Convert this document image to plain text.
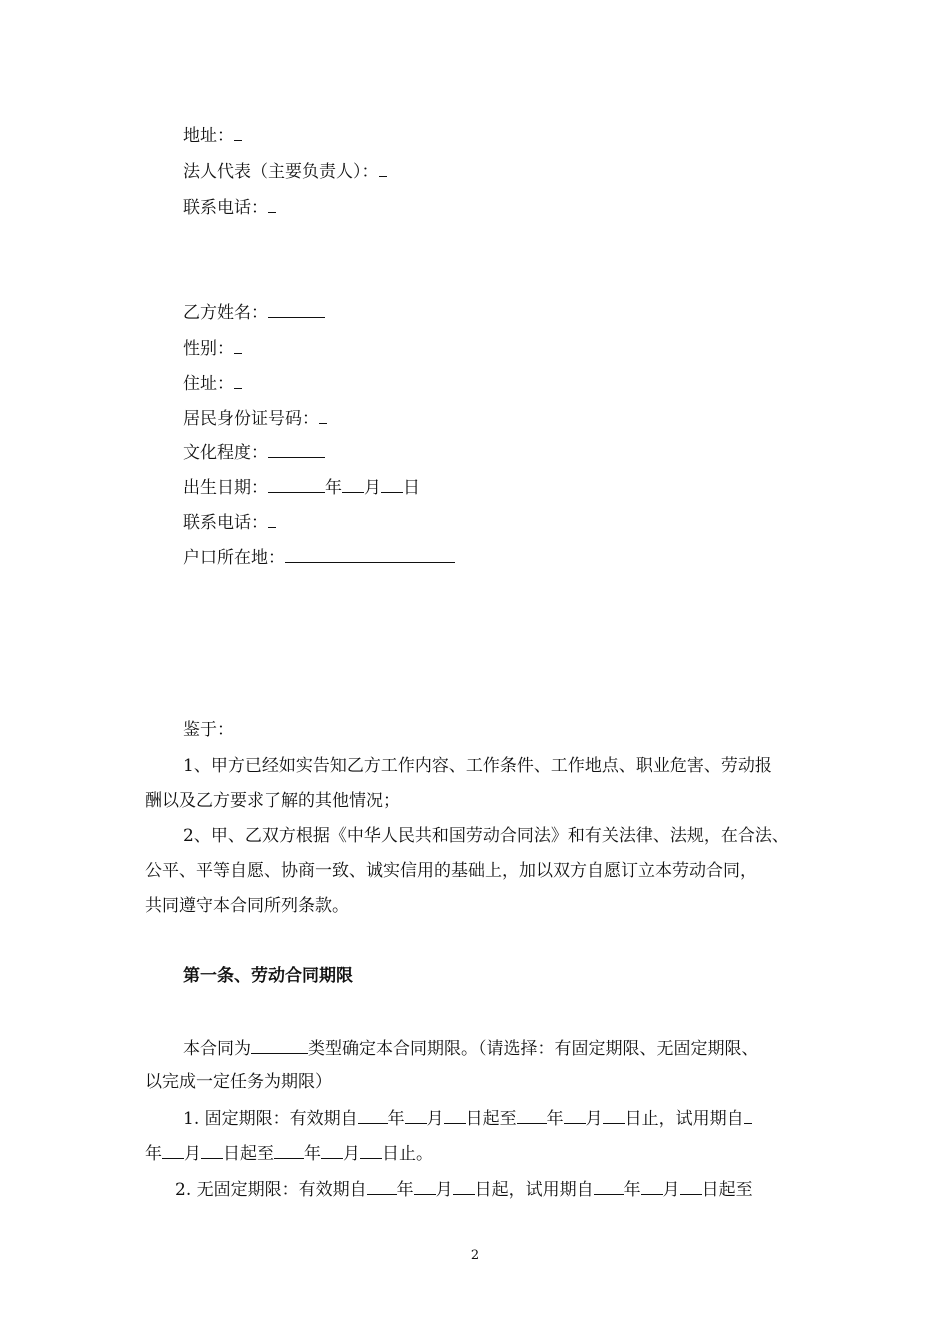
地址：
法人代表（主要负责人）：
联系电话：
乙方姓名：
性别：
住址：
居民身份证号码：
文化程度：
出生日期：	年 月 日
联系电话：
户口所在地：
鉴于：
1、甲方已经如实告知乙方工作内容、工作条件、工作地点、职业危害、劳动报
酬以及乙方要求了解的其他情况；
2、甲、乙双方根据《中华人民共和国劳动合同法》和有关法律、法规，在合法、
公平、平等自愿、协商一致、诚实信用的基础上，加以双方自愿订立本劳动合同，
共同遵守本合同所列条款。
第一条、劳动合同期限
本合同为	类型确定本合同期限。（请选择：有固定期限、无固定期限、
以完成一定任务为期限）
1. 固定期限：有效期自 年 月 日起至 年 月 日止，试用期自
年 月 日起至 年 月 日止。
2. 无固定期限：有效期自 年 月 日起，试用期自 年 月 日起至
2
